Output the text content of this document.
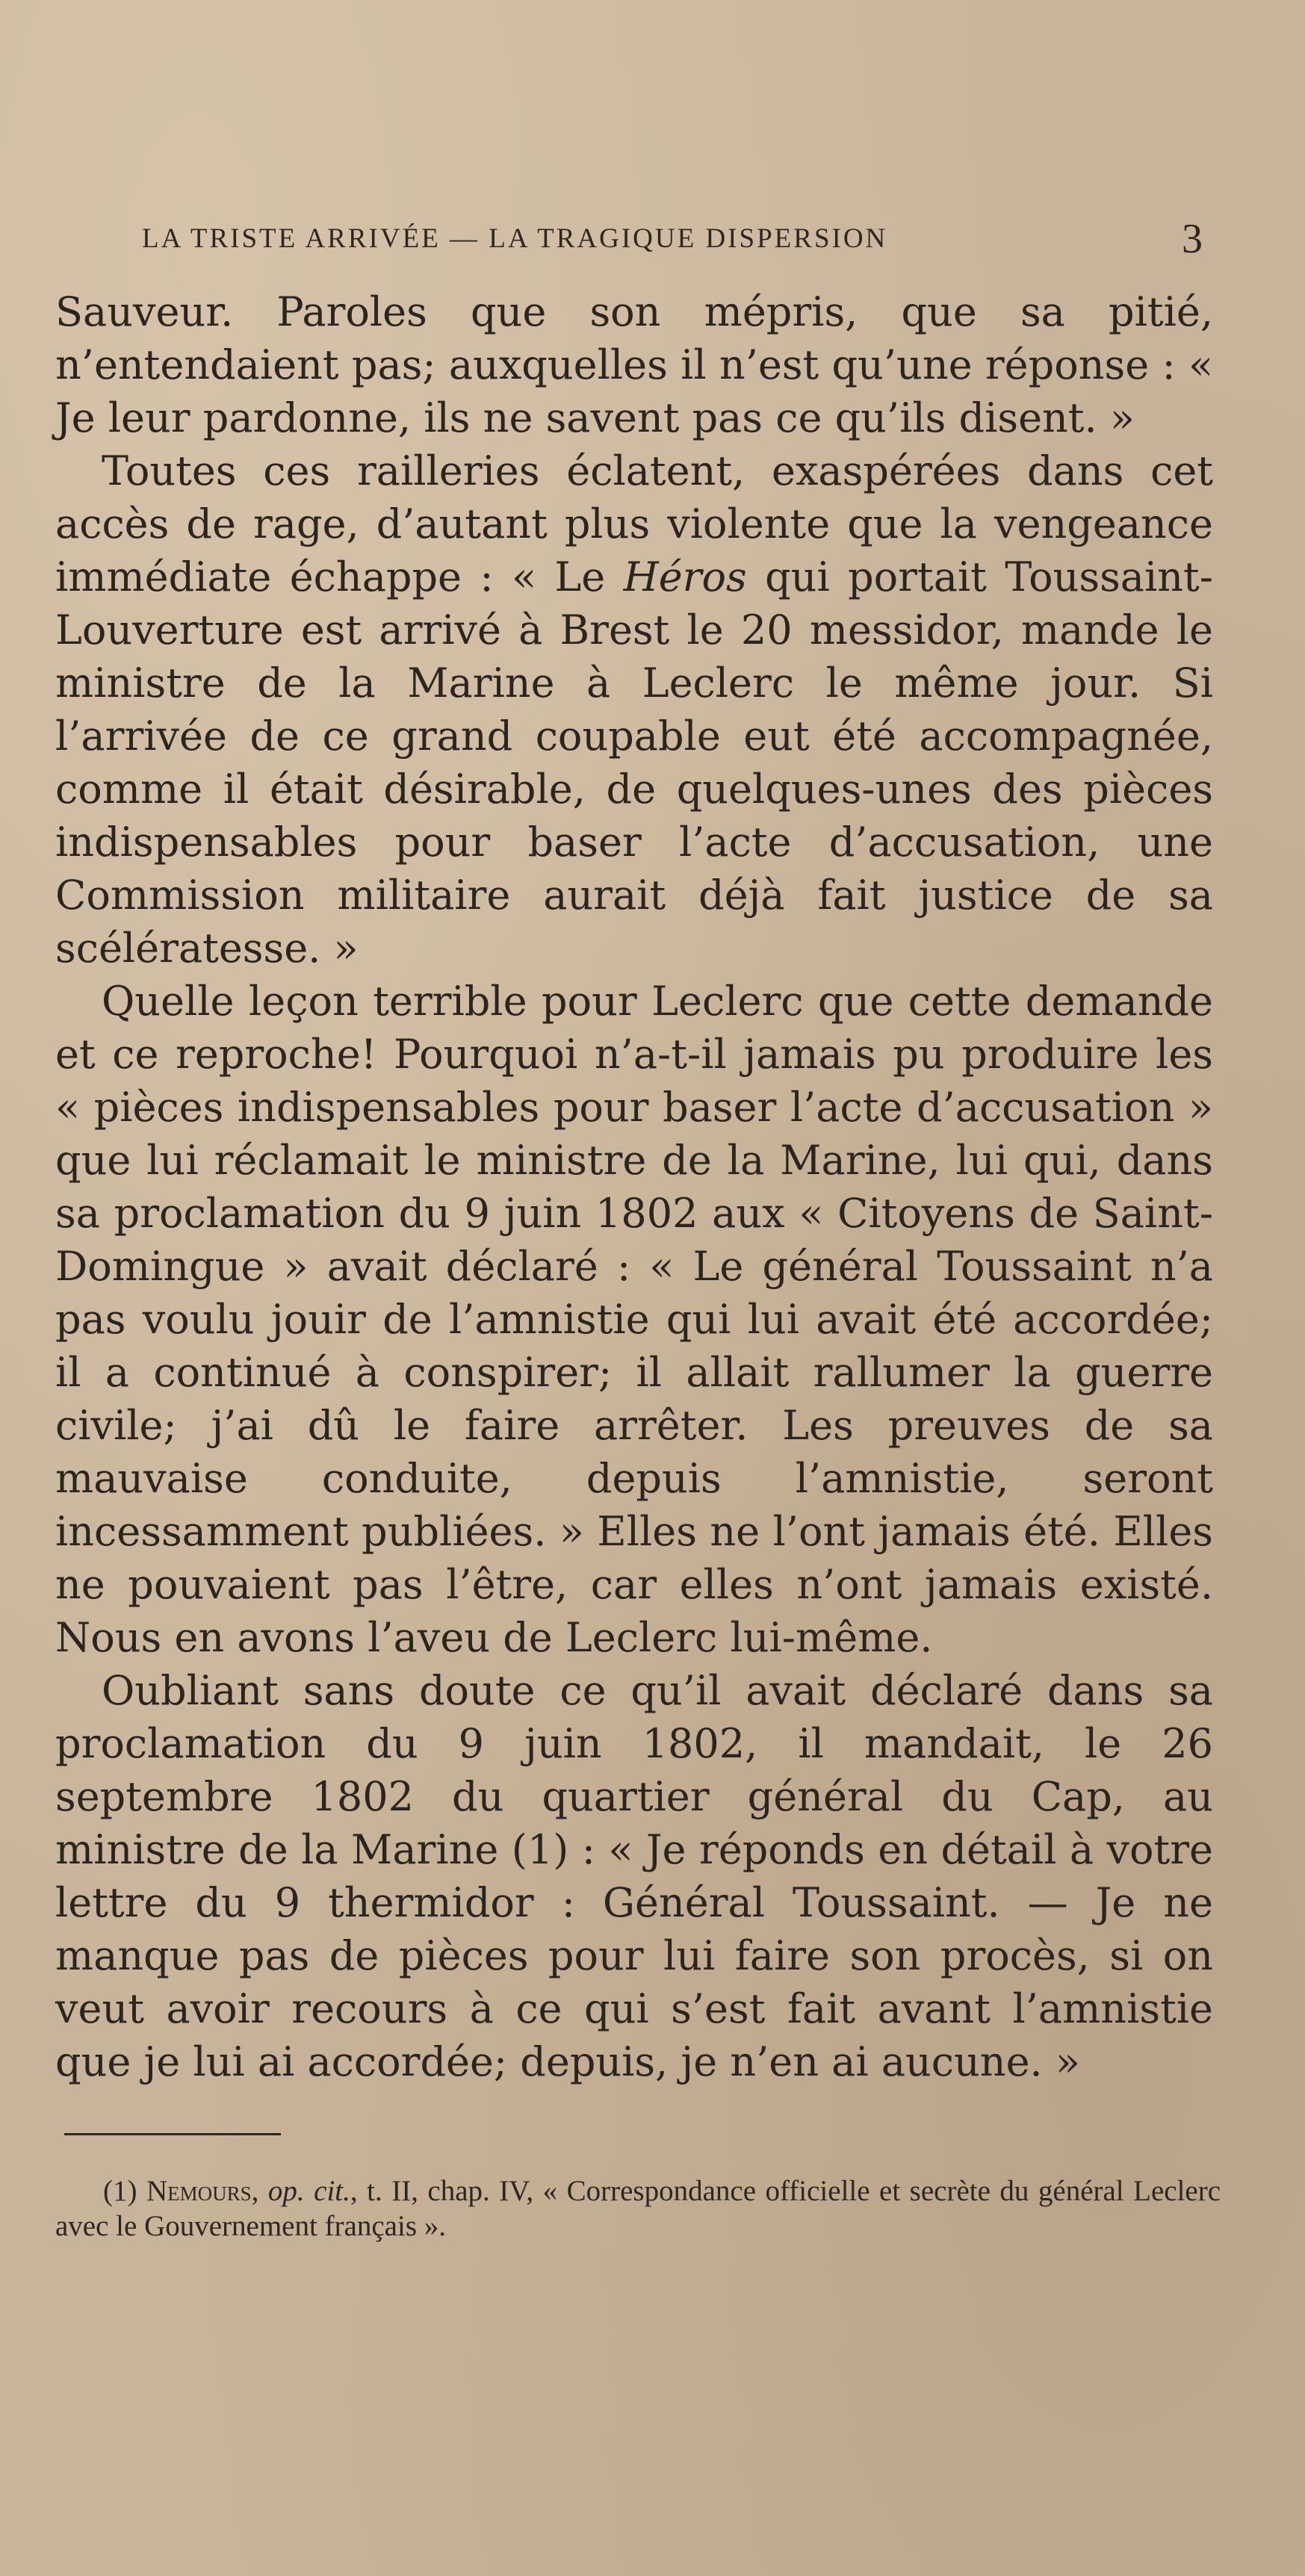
LA TRISTE ARRIVÉE — LA TRAGIQUE DISPERSION	3

Sauveur. Paroles que son mépris, que sa pitié, n’entendaient pas; auxquelles il n’est qu’une réponse : « Je leur pardonne, ils ne savent pas ce qu’ils disent. »

Toutes ces railleries éclatent, exaspérées dans cet accès de rage, d’autant plus violente que la vengeance immédiate échappe : « Le Héros qui portait Toussaint-Louverture est arrivé à Brest le 20 messidor, mande le ministre de la Marine à Leclerc le même jour. Si l’arrivée de ce grand coupable eut été accompagnée, comme il était désirable, de quelques-unes des pièces indispensables pour baser l’acte d’accusation, une Commission militaire aurait déjà fait justice de sa scélératesse. »

Quelle leçon terrible pour Leclerc que cette demande et ce reproche! Pourquoi n’a-t-il jamais pu produire les « pièces indispensables pour baser l’acte d’accusation » que lui réclamait le ministre de la Marine, lui qui, dans sa proclamation du 9 juin 1802 aux « Citoyens de Saint-Domingue » avait déclaré : « Le général Toussaint n’a pas voulu jouir de l’amnistie qui lui avait été accordée; il a continué à conspirer; il allait rallumer la guerre civile; j’ai dû le faire arrêter. Les preuves de sa mauvaise conduite, depuis l’amnistie, seront incessamment publiées. » Elles ne l’ont jamais été. Elles ne pouvaient pas l’être, car elles n’ont jamais existé. Nous en avons l’aveu de Leclerc lui-même.

Oubliant sans doute ce qu’il avait déclaré dans sa proclamation du 9 juin 1802, il mandait, le 26 septembre 1802 du quartier général du Cap, au ministre de la Marine (1) : « Je réponds en détail à votre lettre du 9 thermidor : Général Toussaint. — Je ne manque pas de pièces pour lui faire son procès, si on veut avoir recours à ce qui s’est fait avant l’amnistie que je lui ai accordée; depuis, je n’en ai aucune. »

(1) Nemours, op. cit., t. II, chap. IV, « Correspondance officielle et secrète du général Leclerc avec le Gouvernement français ».
